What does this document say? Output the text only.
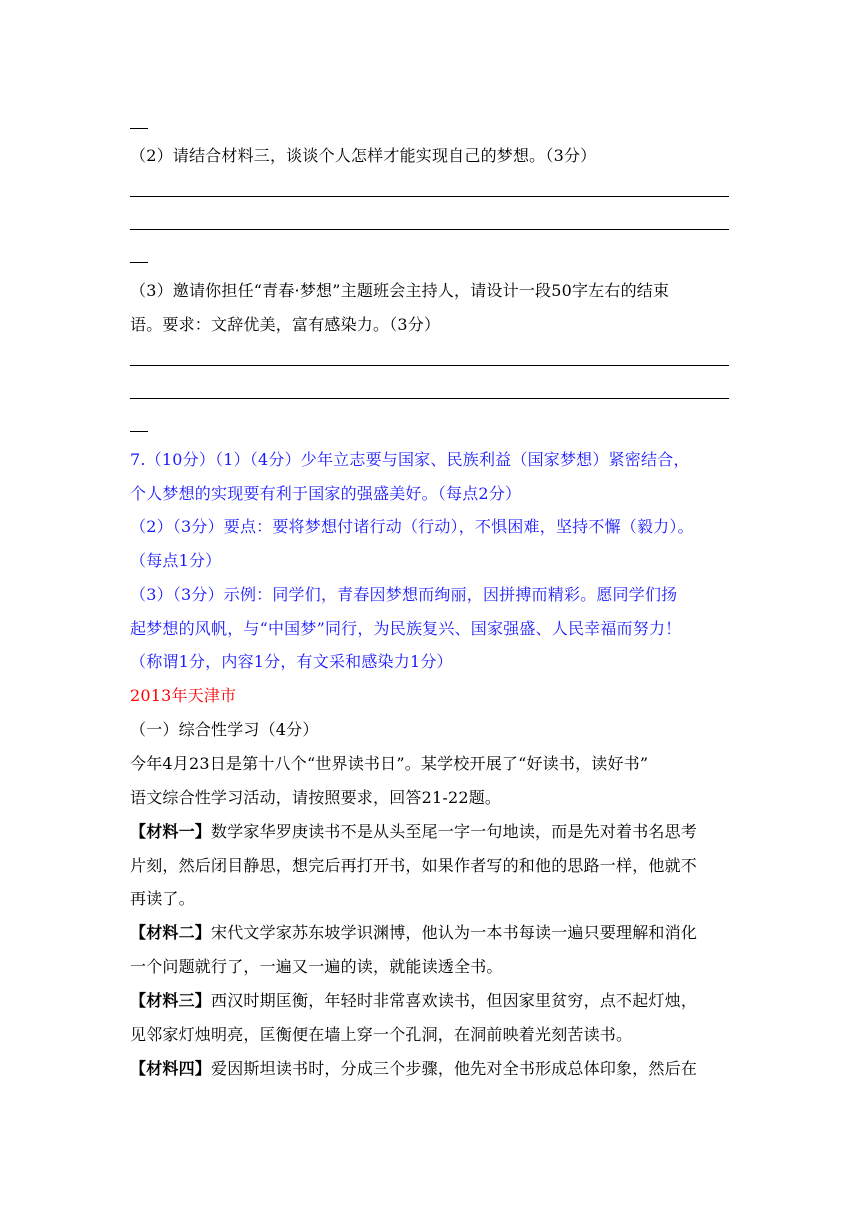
（2）请结合材料三，谈谈个人怎样才能实现自己的梦想。（3分）
（3）邀请你担任“青春·梦想”主题班会主持人，请设计一段50字左右的结束
语。要求：文辞优美，富有感染力。（3分）
7.（10分）（1）（4分）少年立志要与国家、民族利益（国家梦想）紧密结合，
个人梦想的实现要有利于国家的强盛美好。（每点2分）
（2）（3分）要点：要将梦想付诸行动（行动），不惧困难，坚持不懈（毅力）。
（每点1分）
（3）（3分）示例：同学们，青春因梦想而绚丽，因拼搏而精彩。愿同学们扬
起梦想的风帆，与“中国梦”同行，为民族复兴、国家强盛、人民幸福而努力！
（称谓1分，内容1分，有文采和感染力1分）
2013年天津市
（一）综合性学习（4分）
今年4月23日是第十八个“世界读书日”。某学校开展了“好读书，读好书”
语文综合性学习活动，请按照要求，回答21-22题。
【材料一】数学家华罗庚读书不是从头至尾一字一句地读，而是先对着书名思考
片刻，然后闭目静思，想完后再打开书，如果作者写的和他的思路一样，他就不
再读了。
【材料二】宋代文学家苏东坡学识渊博，他认为一本书每读一遍只要理解和消化
一个问题就行了，一遍又一遍的读，就能读透全书。
【材料三】西汉时期匡衡，年轻时非常喜欢读书，但因家里贫穷，点不起灯烛，
见邻家灯烛明亮，匡衡便在墙上穿一个孔洞，在洞前映着光刻苦读书。
【材料四】爱因斯坦读书时，分成三个步骤，他先对全书形成总体印象，然后在
